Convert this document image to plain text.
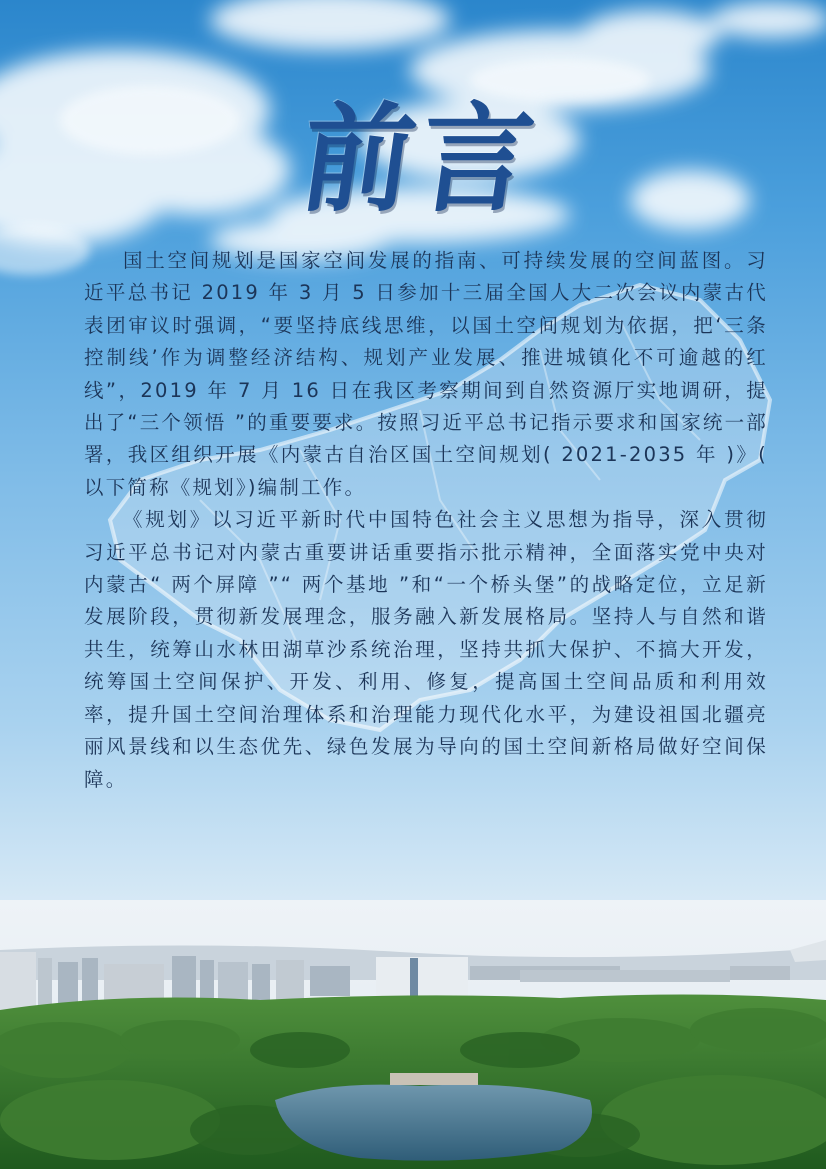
前言

国土空间规划是国家空间发展的指南、可持续发展的空间蓝图。习近平总书记 2019 年 3 月 5 日参加十三届全国人大二次会议内蒙古代表团审议时强调，“要坚持底线思维，以国土空间规划为依据，把‘三条控制线’作为调整经济结构、规划产业发展、推进城镇化不可逾越的红线”，2019 年 7 月 16 日在我区考察期间到自然资源厅实地调研，提出了“三个领悟 ”的重要要求。按照习近平总书记指示要求和国家统一部署，我区组织开展《内蒙古自治区国土空间规划( 2021-2035 年 )》( 以下简称《规划》)编制工作。

《规划》以习近平新时代中国特色社会主义思想为指导，深入贯彻习近平总书记对内蒙古重要讲话重要指示批示精神，全面落实党中央对内蒙古“ 两个屏障 ”“ 两个基地 ”和“一个桥头堡”的战略定位，立足新发展阶段，贯彻新发展理念，服务融入新发展格局。坚持人与自然和谐共生，统筹山水林田湖草沙系统治理，坚持共抓大保护、不搞大开发，统筹国土空间保护、开发、利用、修复，提高国土空间品质和利用效率，提升国土空间治理体系和治理能力现代化水平，为建设祖国北疆亮丽风景线和以生态优先、绿色发展为导向的国土空间新格局做好空间保障。
